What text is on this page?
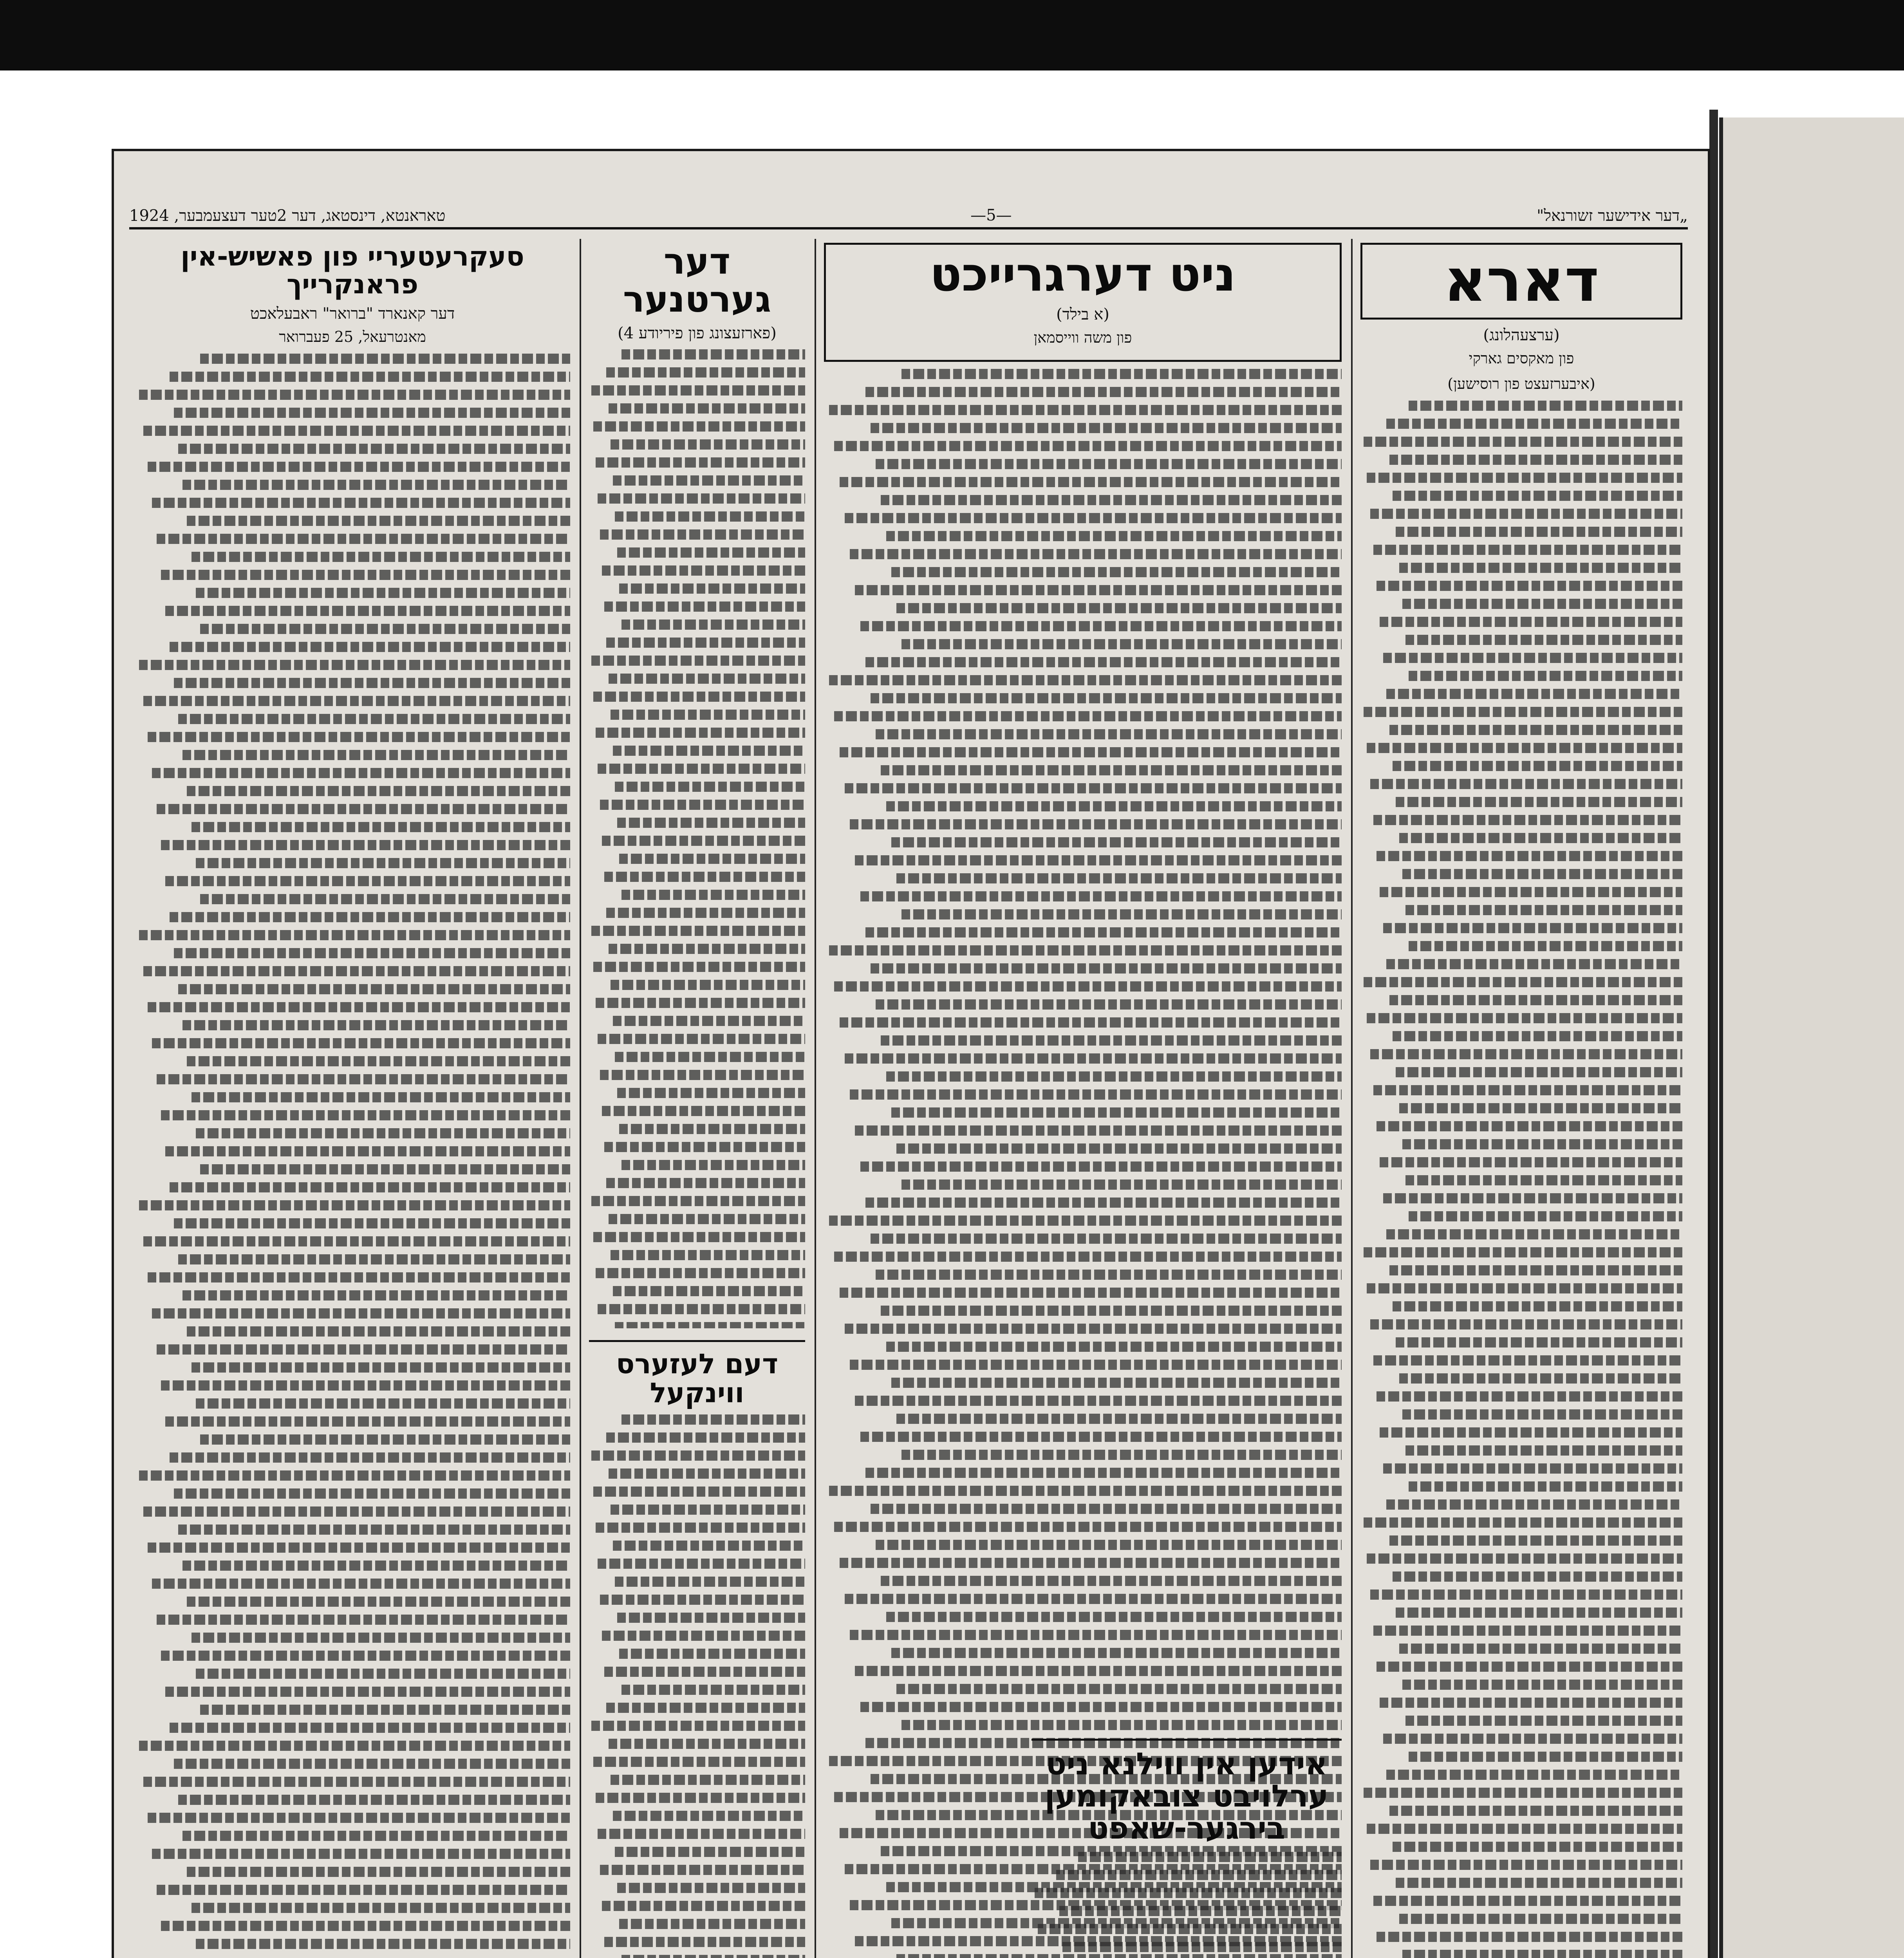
„דער אידישער זשורנאל"
—5—
טאראנטא, דינסטאג, דער 2טער דעצעמבער, 1924
דארא
(ערצעהלונג)
פון מאקסים גארקי
(איבערזעצט פון רוסישען)
ניט דערגרייכט
(א בילד)
פון משה ווייסמאן
דער גערטנער
(פארזעצונג פון פיריודע 4)
דעם לעזערס ווינקעל
סעקרעטעריי פון פאשיש-אין פראנקרייך
דער קאנארד "ברואר" ראבעלאכט
מאנטרעאל, 25 פעברואר
אידען אין ווילנא ניט ערלויבט צובאקומען בירגער-שאפט
